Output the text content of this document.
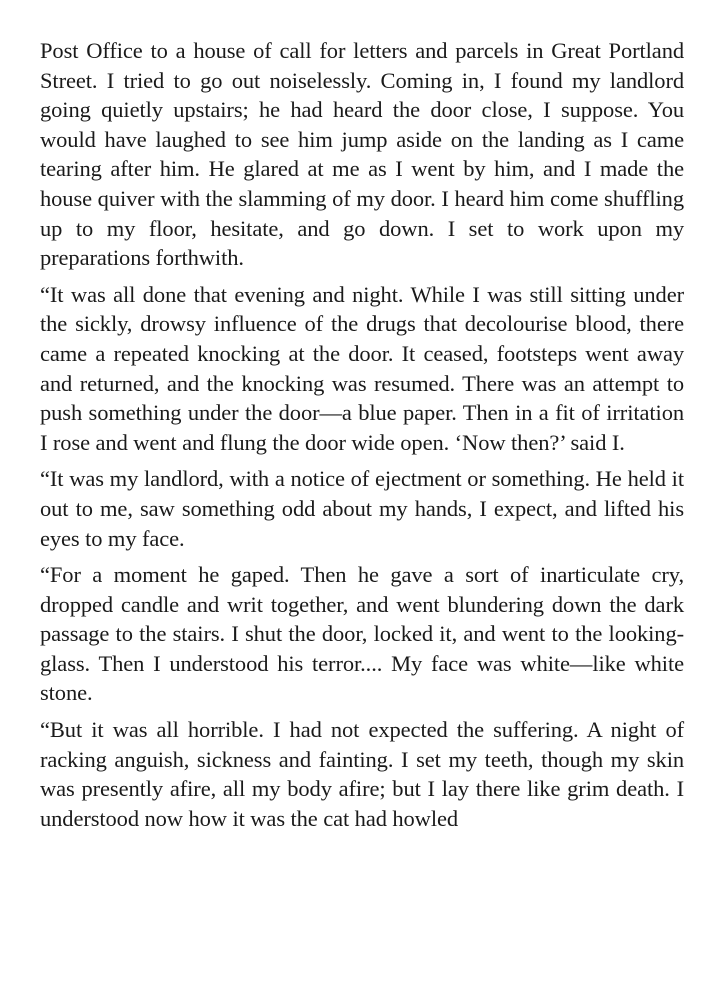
Post Office to a house of call for letters and parcels in Great Portland Street. I tried to go out noiselessly. Coming in, I found my landlord going quietly upstairs; he had heard the door close, I suppose. You would have laughed to see him jump aside on the landing as I came tearing after him. He glared at me as I went by him, and I made the house quiver with the slamming of my door. I heard him come shuffling up to my floor, hesitate, and go down. I set to work upon my preparations forthwith.

“It was all done that evening and night. While I was still sitting under the sickly, drowsy influence of the drugs that decolourise blood, there came a repeated knocking at the door. It ceased, footsteps went away and returned, and the knocking was resumed. There was an attempt to push something under the door—a blue paper. Then in a fit of irritation I rose and went and flung the door wide open. ‘Now then?’ said I.

“It was my landlord, with a notice of ejectment or something. He held it out to me, saw something odd about my hands, I expect, and lifted his eyes to my face.

“For a moment he gaped. Then he gave a sort of inarticulate cry, dropped candle and writ together, and went blundering down the dark passage to the stairs. I shut the door, locked it, and went to the looking-glass. Then I understood his terror.... My face was white—like white stone.

“But it was all horrible. I had not expected the suffering. A night of racking anguish, sickness and fainting. I set my teeth, though my skin was presently afire, all my body afire; but I lay there like grim death. I understood now how it was the cat had howled
